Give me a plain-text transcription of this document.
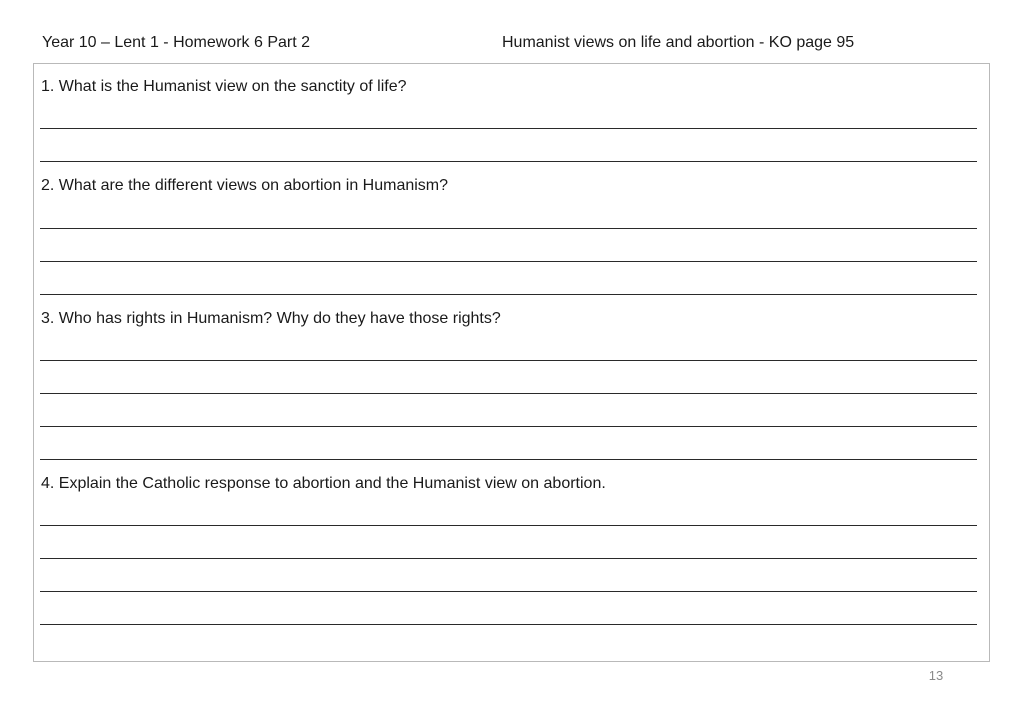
Year 10 – Lent 1 - Homework 6 Part 2	Humanist views on life and abortion - KO page 95
1. What is the Humanist view on the sanctity of life?
2. What are the different views on abortion in Humanism?
3. Who has rights in Humanism? Why do they have those rights?
4. Explain the Catholic response to abortion and the Humanist view on abortion.
13
